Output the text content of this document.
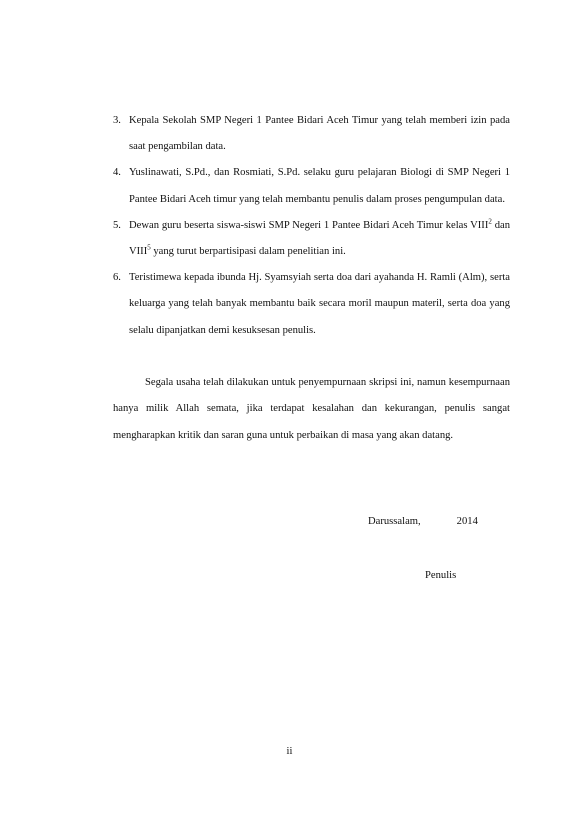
3. Kepala Sekolah SMP Negeri 1 Pantee Bidari Aceh Timur yang telah memberi izin pada saat pengambilan data.
4. Yuslinawati, S.Pd., dan Rosmiati, S.Pd. selaku guru pelajaran Biologi di SMP Negeri 1 Pantee Bidari Aceh timur yang telah membantu penulis dalam proses pengumpulan data.
5. Dewan guru beserta siswa-siswi SMP Negeri 1 Pantee Bidari Aceh Timur kelas VIII$^2$ dan VIII$^5$ yang turut berpartisipasi dalam penelitian ini.
6. Teristimewa kepada ibunda Hj. Syamsyiah serta doa dari ayahanda H. Ramli (Alm), serta keluarga yang telah banyak membantu baik secara moril maupun materil, serta doa yang selalu dipanjatkan demi kesuksesan penulis.

Segala usaha telah dilakukan untuk penyempurnaan skripsi ini, namun kesempurnaan hanya milik Allah semata, jika terdapat kesalahan dan kekurangan, penulis sangat mengharapkan kritik dan saran guna untuk perbaikan di masa yang akan datang.

Darussalam,	2014
Penulis
ii
